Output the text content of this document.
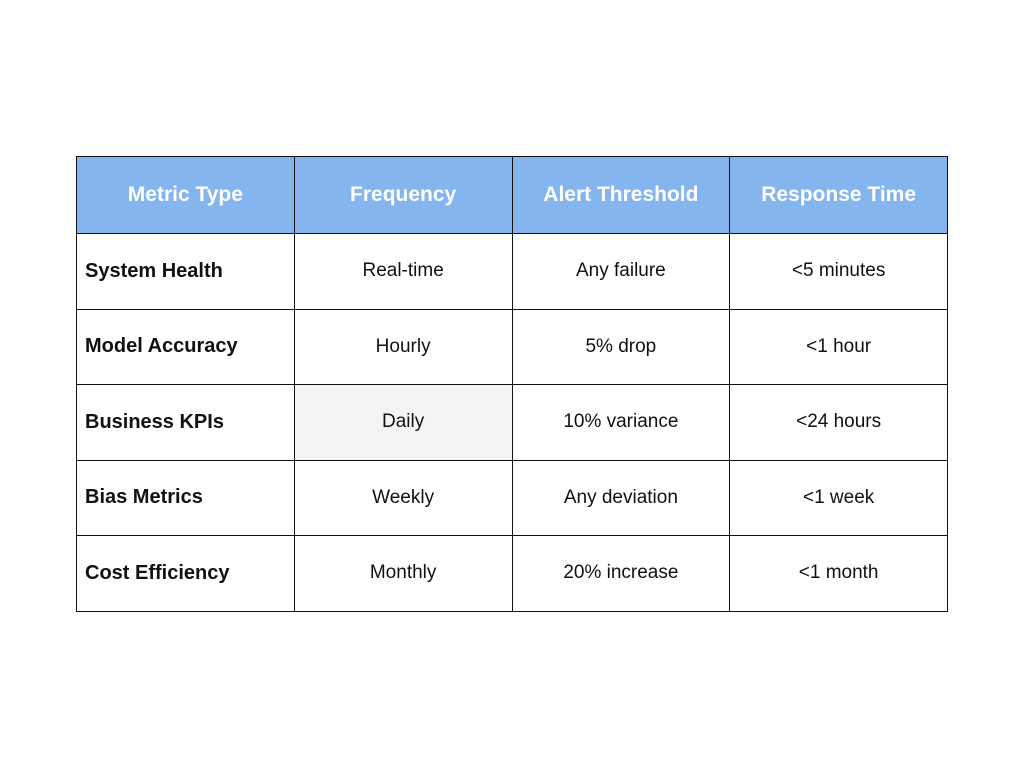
Metric Type	Frequency	Alert Threshold	Response Time
System Health	Real-time	Any failure	<5 minutes
Model Accuracy	Hourly	5% drop	<1 hour
Business KPIs	Daily	10% variance	<24 hours
Bias Metrics	Weekly	Any deviation	<1 week
Cost Efficiency	Monthly	20% increase	<1 month
